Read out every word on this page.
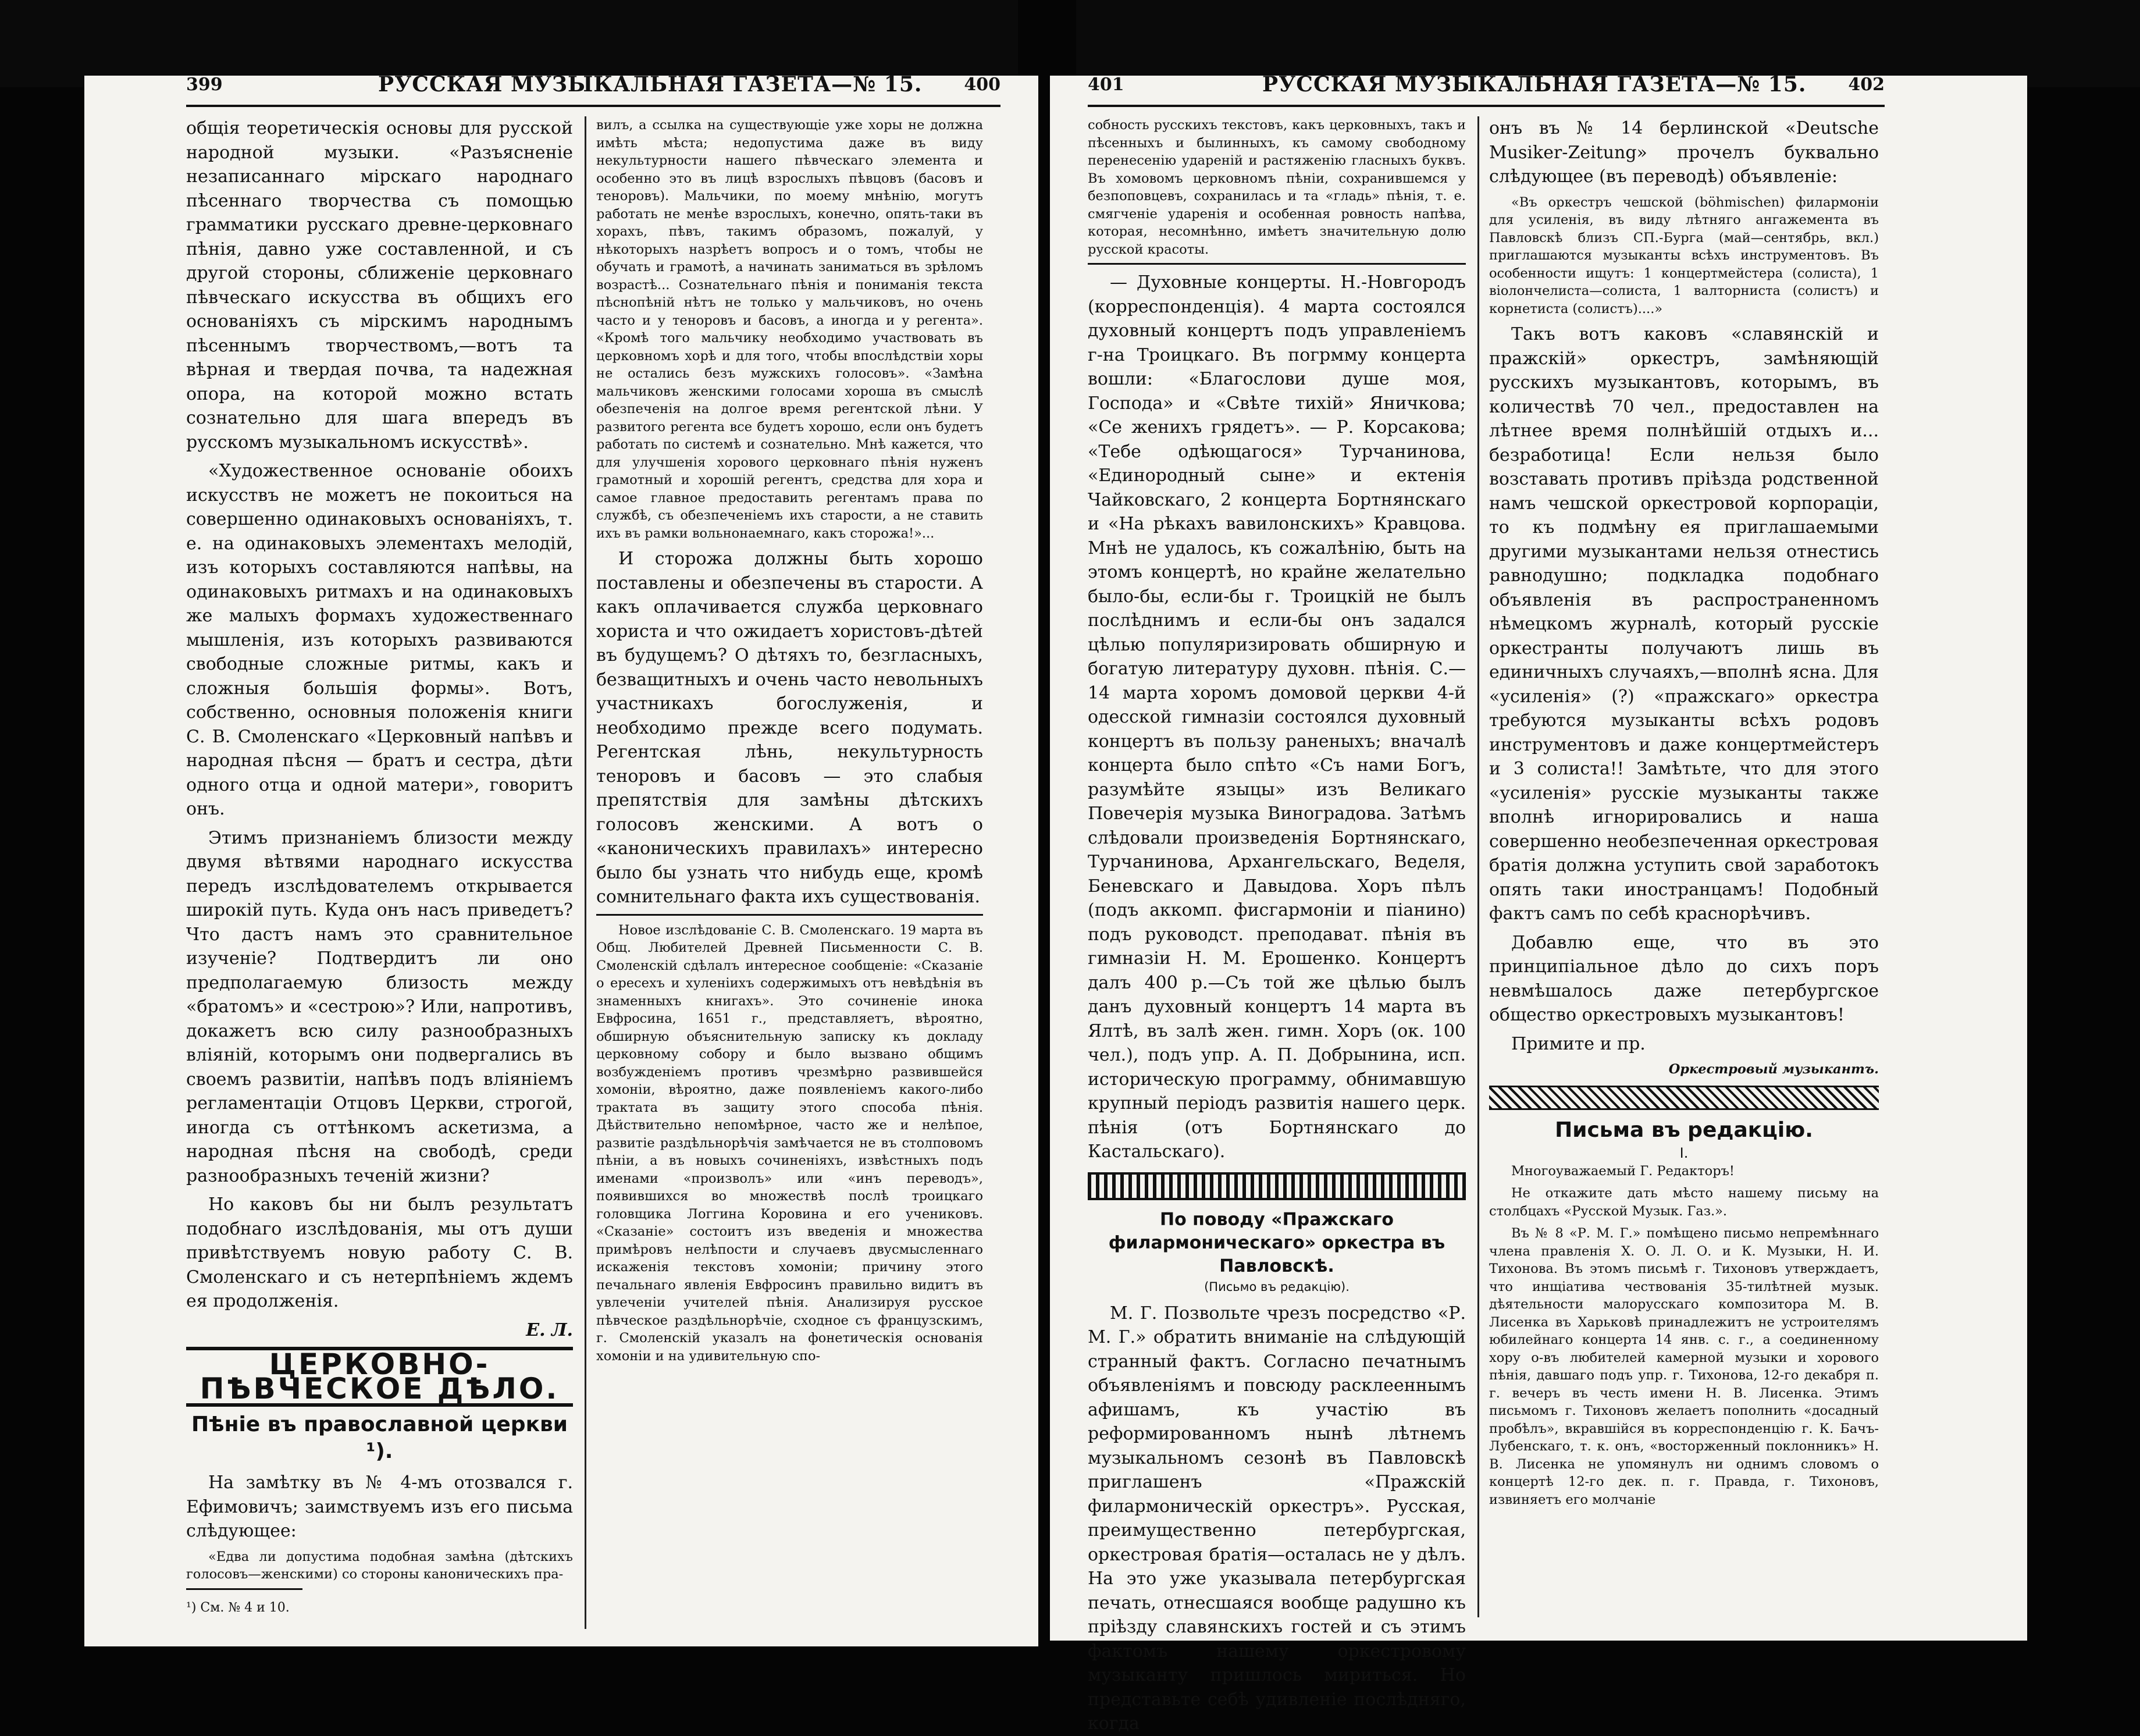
399	РУССКАЯ МУЗЫКАЛЬНАЯ ГАЗЕТА—№ 15. 400	401	РУССКАЯ МУЗЫКАЛЬНАЯ ГАЗЕТА—№ 15. 402

общія теоретическія основы для русской народной музыки. «Разъясненіе незаписаннаго мірскаго народнаго пѣсеннаго творчества съ помощью грамматики русскаго древне-церковнаго пѣнія, давно уже составленной, и съ другой стороны, сближеніе церковнаго пѣвческаго искусства въ общихъ его основаніяхъ съ мірскимъ народнымъ пѣсеннымъ творчествомъ,—вотъ та вѣрная и твердая почва, та надежная опора, на которой можно встать сознательно для шага впередъ въ русскомъ музыкальномъ искусствѣ».

«Художественное основаніе обоихъ искусствъ не можетъ не покоиться на совершенно одинаковыхъ основаніяхъ, т. е. на одинаковыхъ элементахъ мелодій, изъ которыхъ составляются напѣвы, на одинаковыхъ ритмахъ и на одинаковыхъ же малыхъ формахъ художественнаго мышленія, изъ которыхъ развиваются свободные сложные ритмы, какъ и сложныя большія формы». Вотъ, собственно, основныя положенія книги С. В. Смоленскаго «Церковный напѣвъ и народная пѣсня — братъ и сестра, дѣти одного отца и одной матери», говоритъ онъ.

Этимъ признаніемъ близости между двумя вѣтвями народнаго искусства передъ изслѣдователемъ открывается широкій путь. Куда онъ насъ приведетъ? Что дастъ намъ это сравнительное изученіе? Подтвердитъ ли оно предполагаемую близость между «братомъ» и «сестрою»? Или, напротивъ, докажетъ всю силу разнообразныхъ вліяній, которымъ они подвергались въ своемъ развитіи, напѣвъ подъ вліяніемъ регламентаціи Отцовъ Церкви, строгой, иногда съ оттѣнкомъ аскетизма, а народная пѣсня на свободѣ, среди разнообразныхъ теченій жизни?

Но каковъ бы ни былъ результатъ подобнаго изслѣдованія, мы отъ души привѣтствуемъ новую работу С. В. Смоленскаго и съ нетерпѣніемъ ждемъ ея продолженія.

Е. Л.

ЦЕРКОВНО-ПѢВЧЕСКОЕ ДѢЛО.
Пѣніе въ православной церкви ¹).

На замѣтку въ № 4-мъ отозвался г. Ефимовичъ; заимствуемъ изъ его письма слѣдующее:

«Едва ли допустима подобная замѣна (дѣтскихъ голосовъ—женскими) со стороны каноническихъ пра-

¹) См. № 4 и 10.

вилъ, а ссылка на существующіе уже хоры не должна имѣть мѣста; недопустима даже въ виду некультурности нашего пѣвческаго элемента и особенно это въ лицѣ взрослыхъ пѣвцовъ (басовъ и теноровъ). Мальчики, по моему мнѣнію, могутъ работать не менѣе взрослыхъ, конечно, опять-таки въ хорахъ, пѣвъ, такимъ образомъ, пожалуй, у нѣкоторыхъ назрѣетъ вопросъ и о томъ, чтобы не обучать и грамотѣ, а начинать заниматься въ зрѣломъ возрастѣ... Сознательнаго пѣнія и пониманія текста пѣснопѣній нѣтъ не только у мальчиковъ, но очень часто и у теноровъ и басовъ, а иногда и у регента». «Кромѣ того мальчику необходимо участвовать въ церковномъ хорѣ и для того, чтобы впослѣдствіи хоры не остались безъ мужскихъ голосовъ». «Замѣна мальчиковъ женскими голосами хороша въ смыслѣ обезпеченія на долгое время регентской лѣни. У развитого регента все будетъ хорошо, если онъ будетъ работать по системѣ и сознательно. Мнѣ кажется, что для улучшенія хорового церковнаго пѣнія нуженъ грамотный и хорошій регентъ, средства для хора и самое главное предоставить регентамъ права по службѣ, съ обезпеченіемъ ихъ старости, а не ставить ихъ въ рамки вольнонаемнаго, какъ сторожа!»...

И сторожа должны быть хорошо поставлены и обезпечены въ старости. А какъ оплачивается служба церковнаго хориста и что ожидаетъ хористовъ-дѣтей въ будущемъ? О дѣтяхъ то, безгласныхъ, безващитныхъ и очень часто невольныхъ участникахъ богослуженія, и необходимо прежде всего подумать. Регентская лѣнь, некультурность теноровъ и басовъ — это слабыя препятствія для замѣны дѣтскихъ голосовъ женскими. А вотъ о «каноническихъ правилахъ» интересно было бы узнать что нибудь еще, кромѣ сомнительнаго факта ихъ существованія.

Новое изслѣдованіе С. В. Смоленскаго. 19 марта въ Общ. Любителей Древней Письменности С. В. Смоленскій сдѣлалъ интересное сообщеніе: «Сказаніе о ересехъ и хуленіихъ содержимыхъ отъ невѣдѣнія въ знаменныхъ книгахъ». Это сочиненіе инока Евфросина, 1651 г., представляетъ, вѣроятно, обширную объяснительную записку къ докладу церковному собору и было вызвано общимъ возбужденіемъ противъ чрезмѣрно развившейся хомоніи, вѣроятно, даже появленіемъ какого-либо трактата въ защиту этого способа пѣнія. Дѣйствительно непомѣрное, часто же и нелѣпое, развитіе раздѣльнорѣчія замѣчается не въ столповомъ пѣніи, а въ новыхъ сочиненіяхъ, извѣстныхъ подъ именами «произволъ» или «инъ переводъ», появившихся во множествѣ послѣ троицкаго головщика Логгина Коровина и его учениковъ. «Сказаніе» состоитъ изъ введенія и множества примѣровъ нелѣпости и случаевъ двусмысленнаго искаженія текстовъ хомоніи; причину этого печальнаго явленія Евфросинъ правильно видитъ въ увлеченіи учителей пѣнія. Анализируя русское пѣвческое раздѣльнорѣчіе, сходное съ французскимъ, г. Смоленскій указалъ на фонетическія основанія хомоніи и на удивительную спо-

собность русскихъ текстовъ, какъ церковныхъ, такъ и пѣсенныхъ и былинныхъ, къ самому свободному перенесенію удареній и растяженію гласныхъ буквъ. Въ хомовомъ церковномъ пѣніи, сохранившемся у безпоповцевъ, сохранилась и та «гладь» пѣнія, т. е. смягченіе ударенія и особенная ровность напѣва, которая, несомнѣнно, имѣетъ значительную долю русской красоты.

— Духовные концерты. Н.-Новгородъ (корреспонденція). 4 марта состоялся духовный концертъ подъ управленіемъ г-на Троицкаго. Въ погрмму концерта вошли: «Благослови душе моя, Господа» и «Свѣте тихій» Яничкова; «Се женихъ грядетъ». — Р. Корсакова; «Тебе одѣющагося» Турчанинова, «Единородный сыне» и ектенія Чайковскаго, 2 концерта Бортнянскаго и «На рѣкахъ вавилонскихъ» Кравцова. Мнѣ не удалось, къ сожалѣнію, быть на этомъ концертѣ, но крайне желательно было-бы, если-бы г. Троицкій не былъ послѣднимъ и если-бы онъ задался цѣлью популяризировать обширную и богатую литературу духовн. пѣнія. С.—14 марта хоромъ домовой церкви 4-й одесской гимназіи состоялся духовный концертъ въ пользу раненыхъ; вначалѣ концерта было спѣто «Съ нами Богъ, разумѣйте языцы» изъ Великаго Повечерія музыка Виноградова. Затѣмъ слѣдовали произведенія Бортнянскаго, Турчанинова, Архангельскаго, Веделя, Беневскаго и Давыдова. Хоръ пѣлъ (подъ аккомп. фисгармоніи и піанино) подъ руководст. преподават. пѣнія въ гимназіи Н. М. Ерошенко. Концертъ далъ 400 р.—Съ той же цѣлью былъ данъ духовный концертъ 14 марта въ Ялтѣ, въ залѣ жен. гимн. Хоръ (ок. 100 чел.), подъ упр. А. П. Добрынина, исп. историческую программу, обнимавшую крупный періодъ развитія нашего церк. пѣнія (отъ Бортнянскаго до Кастальскаго).

По поводу «Пражскаго филармоническаго» оркестра въ Павловскѣ.
(Письмо въ редакцію).

М. Г. Позвольте чрезъ посредство «Р. М. Г.» обратить вниманіе на слѣдующій странный фактъ. Согласно печатнымъ объявленіямъ и повсюду расклееннымъ афишамъ, къ участію въ реформированномъ нынѣ лѣтнемъ музыкальномъ сезонѣ въ Павловскѣ приглашенъ «Пражскій филармоническій оркестръ». Русская, преимущественно петербургская, оркестровая братія—осталась не у дѣлъ. На это уже указывала петербургская печать, отнесшаяся вообще радушно къ пріѣзду славянскихъ гостей и съ этимъ фактомъ нашему оркестровому музыканту пришлось мириться. Но представьте себѣ удивленіе послѣдняго, когда

онъ въ № 14 берлинской «Deutsche Musiker-Zeitung» прочелъ буквально слѣдующее (въ переводѣ) объявленіе:

«Въ оркестръ чешской (böhmischen) филармоніи для усиленія, въ виду лѣтняго ангажемента въ Павловскѣ близъ СП.-Бурга (май—сентябрь, вкл.) приглашаются музыканты всѣхъ инструментовъ. Въ особенности ищутъ: 1 концертмейстера (солиста), 1 віолончелиста—солиста, 1 валторниста (солистъ) и корнетиста (солистъ)....»

Такъ вотъ каковъ «славянскій и пражскій» оркестръ, замѣняющій русскихъ музыкантовъ, которымъ, въ количествѣ 70 чел., предоставлен на лѣтнее время полнѣйшій отдыхъ и... безработица! Если нельзя было возставать противъ пріѣзда родственной намъ чешской оркестровой корпораціи, то къ подмѣну ея приглашаемыми другими музыкантами нельзя отнестись равнодушно; подкладка подобнаго объявленія въ распространенномъ нѣмецкомъ журналѣ, который русскіе оркестранты получаютъ лишь въ единичныхъ случаяхъ,—вполнѣ ясна. Для «усиленія» (?) «пражскаго» оркестра требуются музыканты всѣхъ родовъ инструментовъ и даже концертмейстеръ и 3 солиста!! Замѣтьте, что для этого «усиленія» русскіе музыканты также вполнѣ игнорировались и наша совершенно необезпеченная оркестровая братія должна уступить свой заработокъ опять таки иностранцамъ! Подобный фактъ самъ по себѣ краснорѣчивъ.

Добавлю еще, что въ это принципіальное дѣло до сихъ поръ невмѣшалось даже петербургское общество оркестровыхъ музыкантовъ!

Примите и пр.

Оркестровый музыкантъ.

Письма въ редакцію.
I.

Многоуважаемый Г. Редакторъ!

Не откажите дать мѣсто нашему письму на столбцахъ «Русской Музык. Газ.».

Въ № 8 «Р. М. Г.» помѣщено письмо непремѣннаго члена правленія Х. О. Л. О. и К. Музыки, Н. И. Тихонова. Въ этомъ письмѣ г. Тихоновъ утверждаетъ, что инщіатива чествованія 35-тилѣтней музык. дѣятельности малорусскаго композитора М. В. Лисенка въ Харьковѣ принадлежитъ не устроителямъ юбилейнаго концерта 14 янв. с. г., а соединенному хору о-въ любителей камерной музыки и хорового пѣнія, давшаго подъ упр. г. Тихонова, 12-го декабря п. г. вечеръ въ честь имени Н. В. Лисенка. Этимъ письмомъ г. Тихоновъ желаетъ пополнить «досадный пробѣлъ», вкравшійся въ корреспонденцію г. К. Бачъ-Лубенскаго, т. к. онъ, «восторженный поклонникъ» Н. В. Лисенка не упомянулъ ни однимъ словомъ о концертѣ 12-го дек. п. г. Правда, г. Тихоновъ, извиняетъ его молчаніе
